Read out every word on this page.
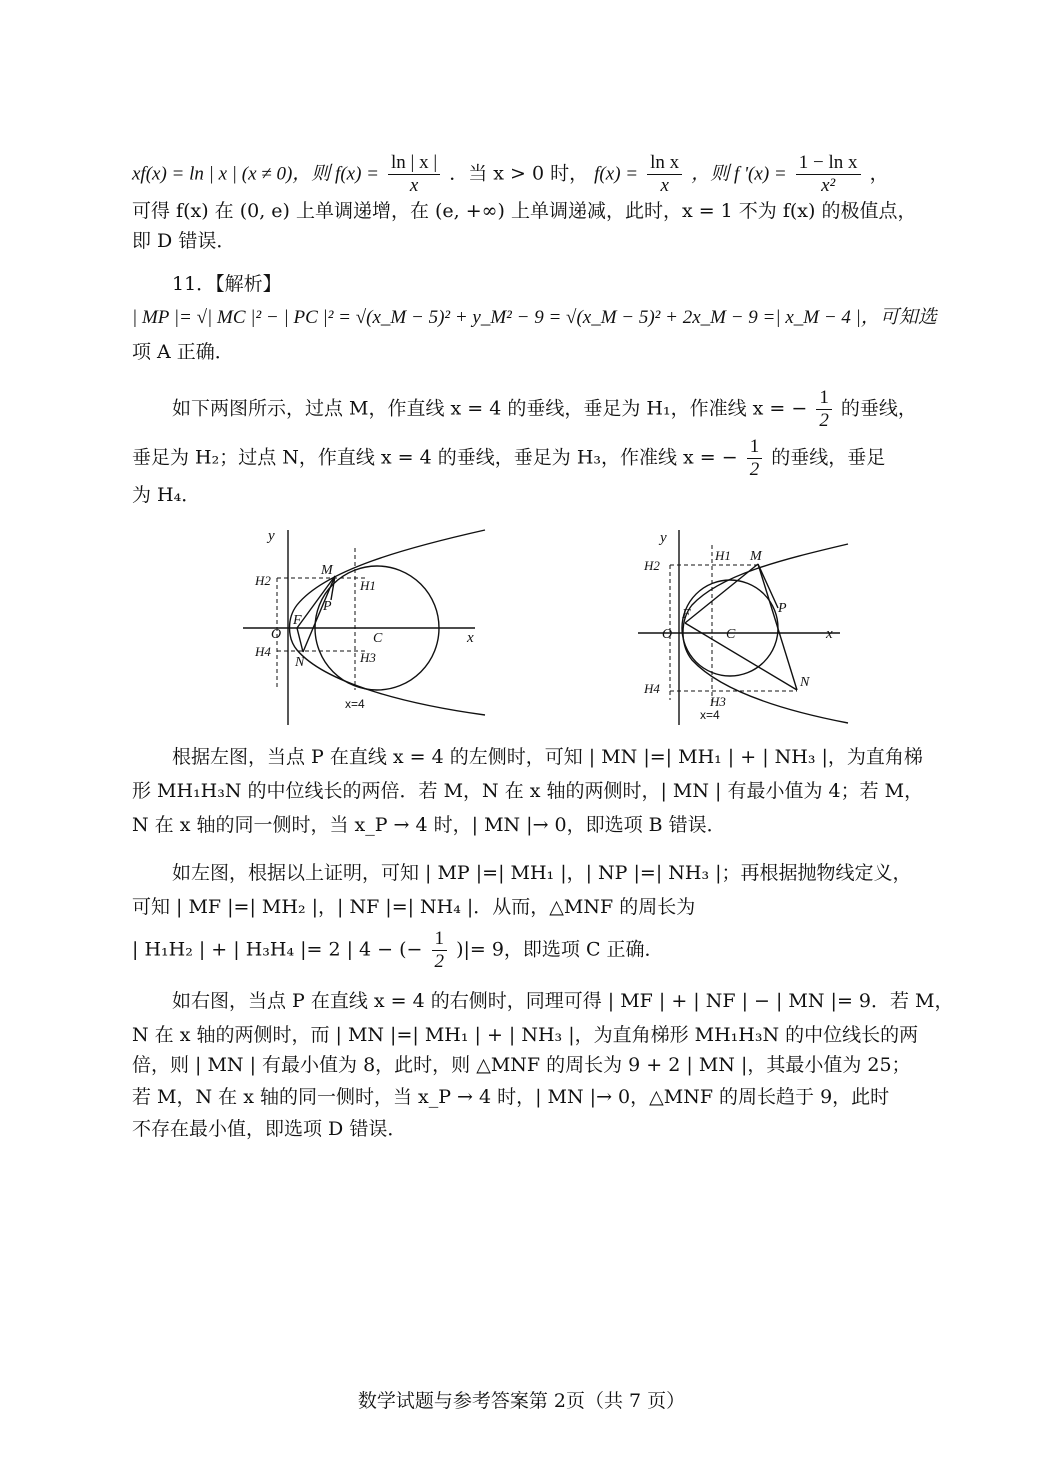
xf(x) = ln | x | (x ≠ 0)，则 $f(x) = \frac{\ln | x |}{x}$ ．当 x > 0 时， $f(x) = \frac{\text{ln x}}{x}$ ，则 f '$(x) = \frac{\text{1 − ln x}}{\text{x²}}$ ，
可得 f(x) 在 (0, e) 上单调递增，在 (e, +∞) 上单调递减，此时，x = 1 不为 f(x) 的极值点，
即 D 错误．
11．【解析】
| MP |= √| MC |² − | PC |² = √(x_M − 5)² + y_M² − 9 = √(x_M − 5)² + 2x_M − 9 =| x_M − 4 |，可知选
项 A 正确．
如下两图所示，过点 M，作直线 x = 4 的垂线，垂足为 H₁，作准线 x = − $\frac{1}{2}$ 的垂线，
垂足为 H₂；过点 N，作直线 x = 4 的垂线，垂足为 H₃，作准线 x = − $\frac{1}{2}$ 的垂线，垂足
为 H₄．
y
x
O
F
M
N
P
C
H1
H2
H3
H4
x=4
y
x
O
F
M
N
P
C
H1
H2
H3
H4
x=4
根据左图，当点 P 在直线 x = 4 的左侧时，可知 | MN |=| MH₁ | + | NH₃ |，为直角梯
形 MH₁H₃N 的中位线长的两倍．若 M，N 在 x 轴的两侧时，| MN | 有最小值为 4；若 M，
N 在 x 轴的同一侧时，当 x_P → 4 时，| MN |→ 0，即选项 B 错误．
如左图，根据以上证明，可知 | MP |=| MH₁ |，| NP |=| NH₃ |；再根据抛物线定义，
可知 | MF |=| MH₂ |，| NF |=| NH₄ |．从而，△MNF 的周长为
| H₁H₂ | + | H₃H₄ |= 2 | 4 − (− $\frac{1}{2}$ )|= 9，即选项 C 正确．
如右图，当点 P 在直线 x = 4 的右侧时，同理可得 | MF | + | NF | − | MN |= 9．若 M，
N 在 x 轴的两侧时，而 | MN |=| MH₁ | + | NH₃ |，为直角梯形 MH₁H₃N 的中位线长的两
倍，则 | MN | 有最小值为 8，此时，则 △MNF 的周长为 9 + 2 | MN |，其最小值为 25；
若 M，N 在 x 轴的同一侧时，当 x_P → 4 时，| MN |→ 0，△MNF 的周长趋于 9，此时
不存在最小值，即选项 D 错误．
数学试题与参考答案第 2页（共 7 页）
